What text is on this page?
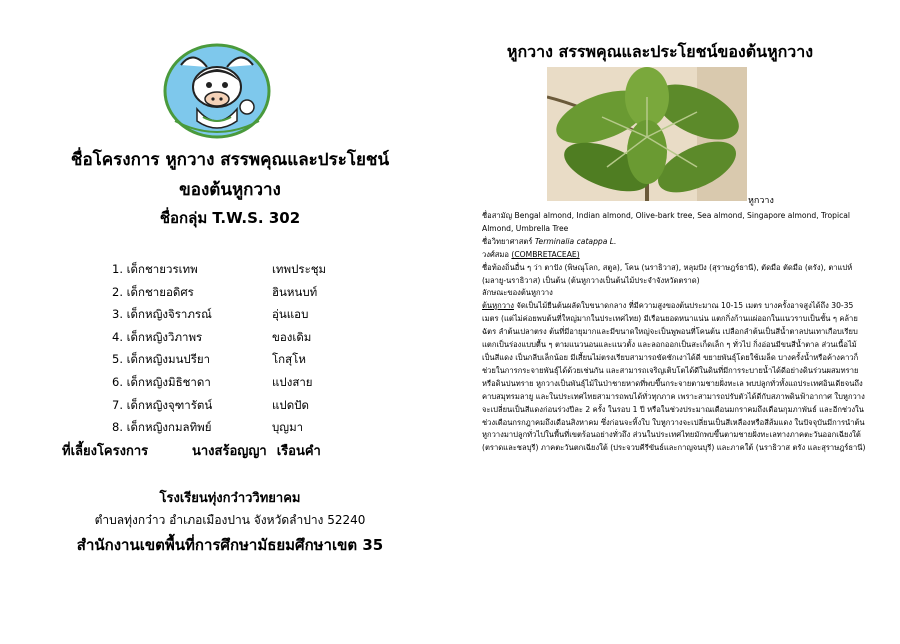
ชื่อโครงการ หูกวาง สรรพคุณและประโยชน์
ของต้นหูกวาง
ชื่อกลุ่ม T.W.S. 302
1. เด็กชายวรเทพ	เทพประชุม
2. เด็กชายอดิศร	ฮินหนบท์
3. เด็กหญิงจิราภรณ์	อุ่นแอบ
4. เด็กหญิงวิภาพร	ของเดิม
5. เด็กหญิงมนปรียา	โกสุโห
6. เด็กหญิงมิธิชาดา	แปงสาย
7. เด็กหญิงจุฑารัตน์	แปดปัด
8. เด็กหญิงกมลทิพย์	บุญมา
ที่เลี้ยงโครงการ	นางสร้อญญา เรือนคำ
โรงเรียนทุ่งกว๋าววิทยาคม
ตำบลทุ่งกว๋าว อำเภอเมืองปาน จังหวัดลำปาง 52240
สำนักงานเขตพื้นที่การศึกษามัธยมศึกษาเขต 35
หูกวาง สรรพคุณและประโยชน์ของต้นหูกวาง
หูกวาง

ชื่อสามัญ Bengal almond, Indian almond, Olive-bark tree, Sea almond, Singapore almond, Tropical Almond, Umbrella Tree

ชื่อวิทยาศาสตร์ Terminalia catappa L.

วงศ์สมอ (COMBRETACEAE)

ชื่อท้องถิ่นอื่น ๆ ว่า ตาปัง (พิษณุโลก, สตูล), โคน (นราธิวาส), หลุมปัง (สุราษฎร์ธานี), ตัดมือ ตัดมือ (ตรัง), ตาแปห์ (มลายู-นราธิวาส) เป็นต้น (ต้นหูกวางเป็นต้นไม้ประจำจังหวัดตราด)

ลักษณะของต้นหูกวาง

ต้นหูกวาง จัดเป็นไม้ยืนต้นผลัดใบขนาดกลาง ที่มีความสูงของต้นประมาณ 10-15 เมตร บางครั้งอาจสูงได้ถึง 30-35 เมตร (แต่ไม่ค่อยพบต้นที่ใหญ่มากในประเทศไทย) มีเรือนยอดหนาแน่น แตกกิ่งก้านแผ่ออกในแนวราบเป็นชั้น ๆ คล้ายฉัตร ลำต้นเปลาตรง ต้นที่มีอายุมากและมีขนาดใหญ่จะเป็นพูพอนที่โคนต้น เปลือกลำต้นเป็นสีน้ำตาลปนเทาเกือบเรียบ แตกเป็นร่องแบบตื้น ๆ ตามแนวนอนและแนวตั้ง และลอกออกเป็นสะเก็ดเล็ก ๆ ทั่วไป กิ่งอ่อนมีขนสีน้ำตาล ส่วนเนื้อไม้เป็นสีแดง เป็นกลีบเล็กน้อย มีเสี้ยนไม่ตรงเรียบสามารถขัดชักเงาได้ดี ขยายพันธุ์โดยใช้เมล็ด บางครั้งน้ำหรือค้างคาวก็ช่วยในการกระจายพันธุ์ได้ด้วยเช่นกัน และสามารถเจริญเติบโตได้ดีในดินที่มีการระบายน้ำได้ดีอย่างดินร่วนผสมทรายหรือดินปนทราย หูกวางเป็นพันธุ์ไม้ในป่าชายหาดที่พบขึ้นกระจายตามชายฝั่งทะเล พบปลูกทั่วทั้งแถประเทศอินเดียจนถึงคาบสมุทรมลายู และในประเทศไทยสามารถพบได้ทั่วทุกภาค เพราะสามารถปรับตัวได้ดีกับสภาพดินฟ้าอากาศ ใบหูกวางจะเปลี่ยนเป็นสีแดงก่อนร่วงปีละ 2 ครั้ง ในรอบ 1 ปี หรือในช่วงประมาณเดือนมกราคมถึงเดือนกุมภาพันธ์ และอีกช่วงในช่วงเดือนกรกฎาคมถึงเดือนสิงหาคม ซึ่งก่อนจะทิ้งใบ ใบหูกวางจะเปลี่ยนเป็นสีเหลืองหรือสีส้มแดง ในปัจจุบันมีการนำต้นหูกวางมาปลูกทั่วไปในพื้นที่เขตร้อนอย่างทั่วถึง ส่วนในประเทศไทยมักพบขึ้นตามชายฝั่งทะเลทางภาคตะวันออกเฉียงใต้ (ตราดและชลบุรี) ภาคตะวันตกเฉียงใต้ (ประจวบคีรีขันธ์และกาญจนบุรี) และภาคใต้ (นราธิวาส ตรัง และสุราษฎร์ธานี)
